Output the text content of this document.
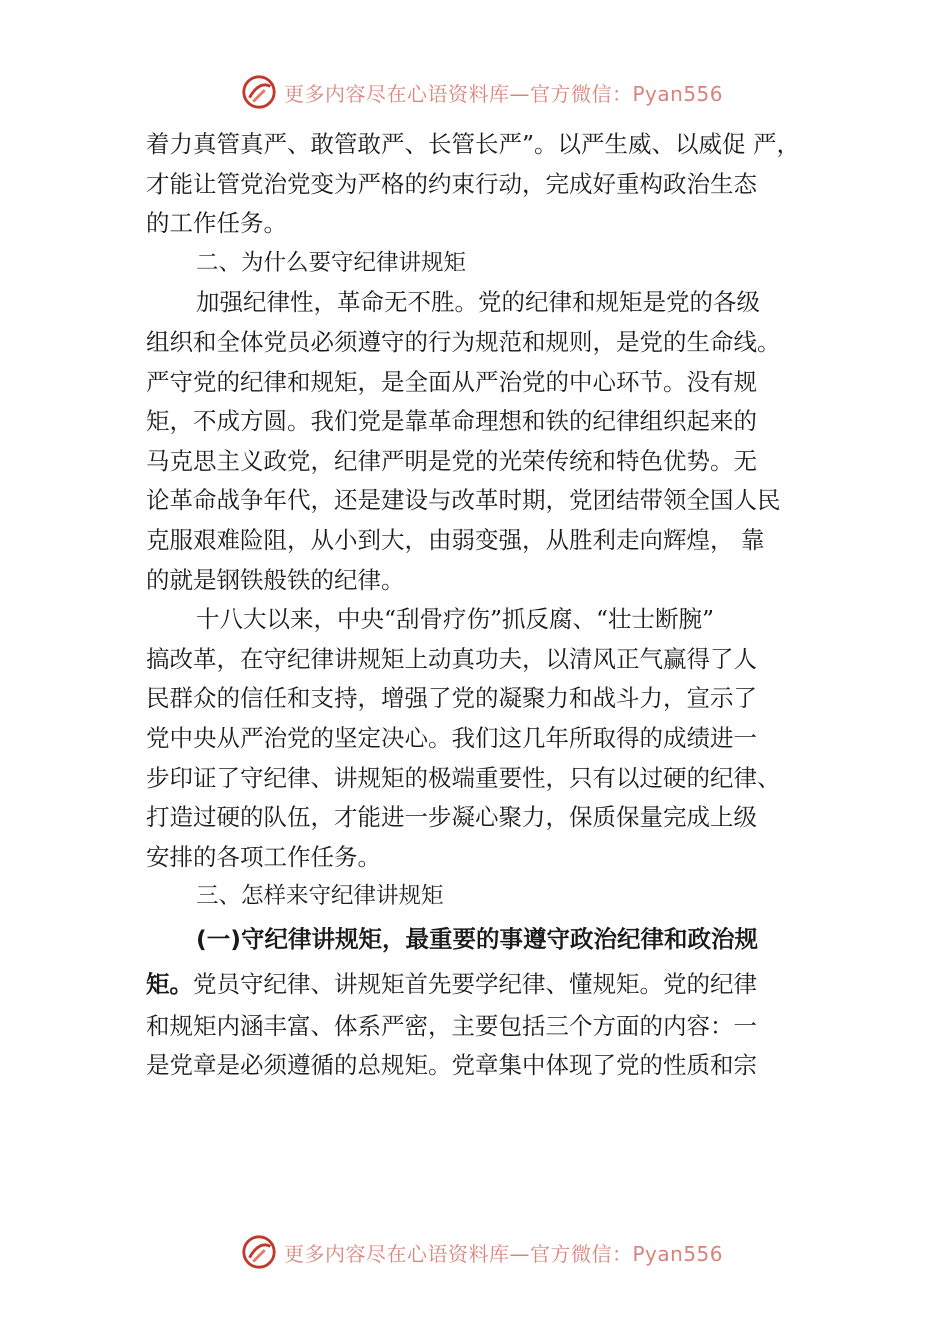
更多内容尽在心语资料库—官方微信：Pyan556
着力真管真严、敢管敢严、长管长严”。以严生威、以威促 严，
才能让管党治党变为严格的约束行动，完成好重构政治生态
的工作任务。
二、为什么要守纪律讲规矩
加强纪律性，革命无不胜。党的纪律和规矩是党的各级
组织和全体党员必须遵守的行为规范和规则，是党的生命线。
严守党的纪律和规矩，是全面从严治党的中心环节。没有规
矩，不成方圆。我们党是靠革命理想和铁的纪律组织起来的
马克思主义政党，纪律严明是党的光荣传统和特色优势。无
论革命战争年代，还是建设与改革时期，党团结带领全国人民
克服艰难险阻，从小到大，由弱变强，从胜利走向辉煌， 靠
的就是钢铁般铁的纪律。
十八大以来，中央“刮骨疗伤”抓反腐、“壮士断腕”
搞改革，在守纪律讲规矩上动真功夫，以清风正气赢得了人
民群众的信任和支持，增强了党的凝聚力和战斗力，宣示了
党中央从严治党的坚定决心。我们这几年所取得的成绩进一
步印证了守纪律、讲规矩的极端重要性，只有以过硬的纪律、
打造过硬的队伍，才能进一步凝心聚力，保质保量完成上级
安排的各项工作任务。
三、怎样来守纪律讲规矩
(一)守纪律讲规矩，最重要的事遵守政治纪律和政治规
矩。党员守纪律、讲规矩首先要学纪律、懂规矩。党的纪律
和规矩内涵丰富、体系严密，主要包括三个方面的内容：一
是党章是必须遵循的总规矩。党章集中体现了党的性质和宗
更多内容尽在心语资料库—官方微信：Pyan556
